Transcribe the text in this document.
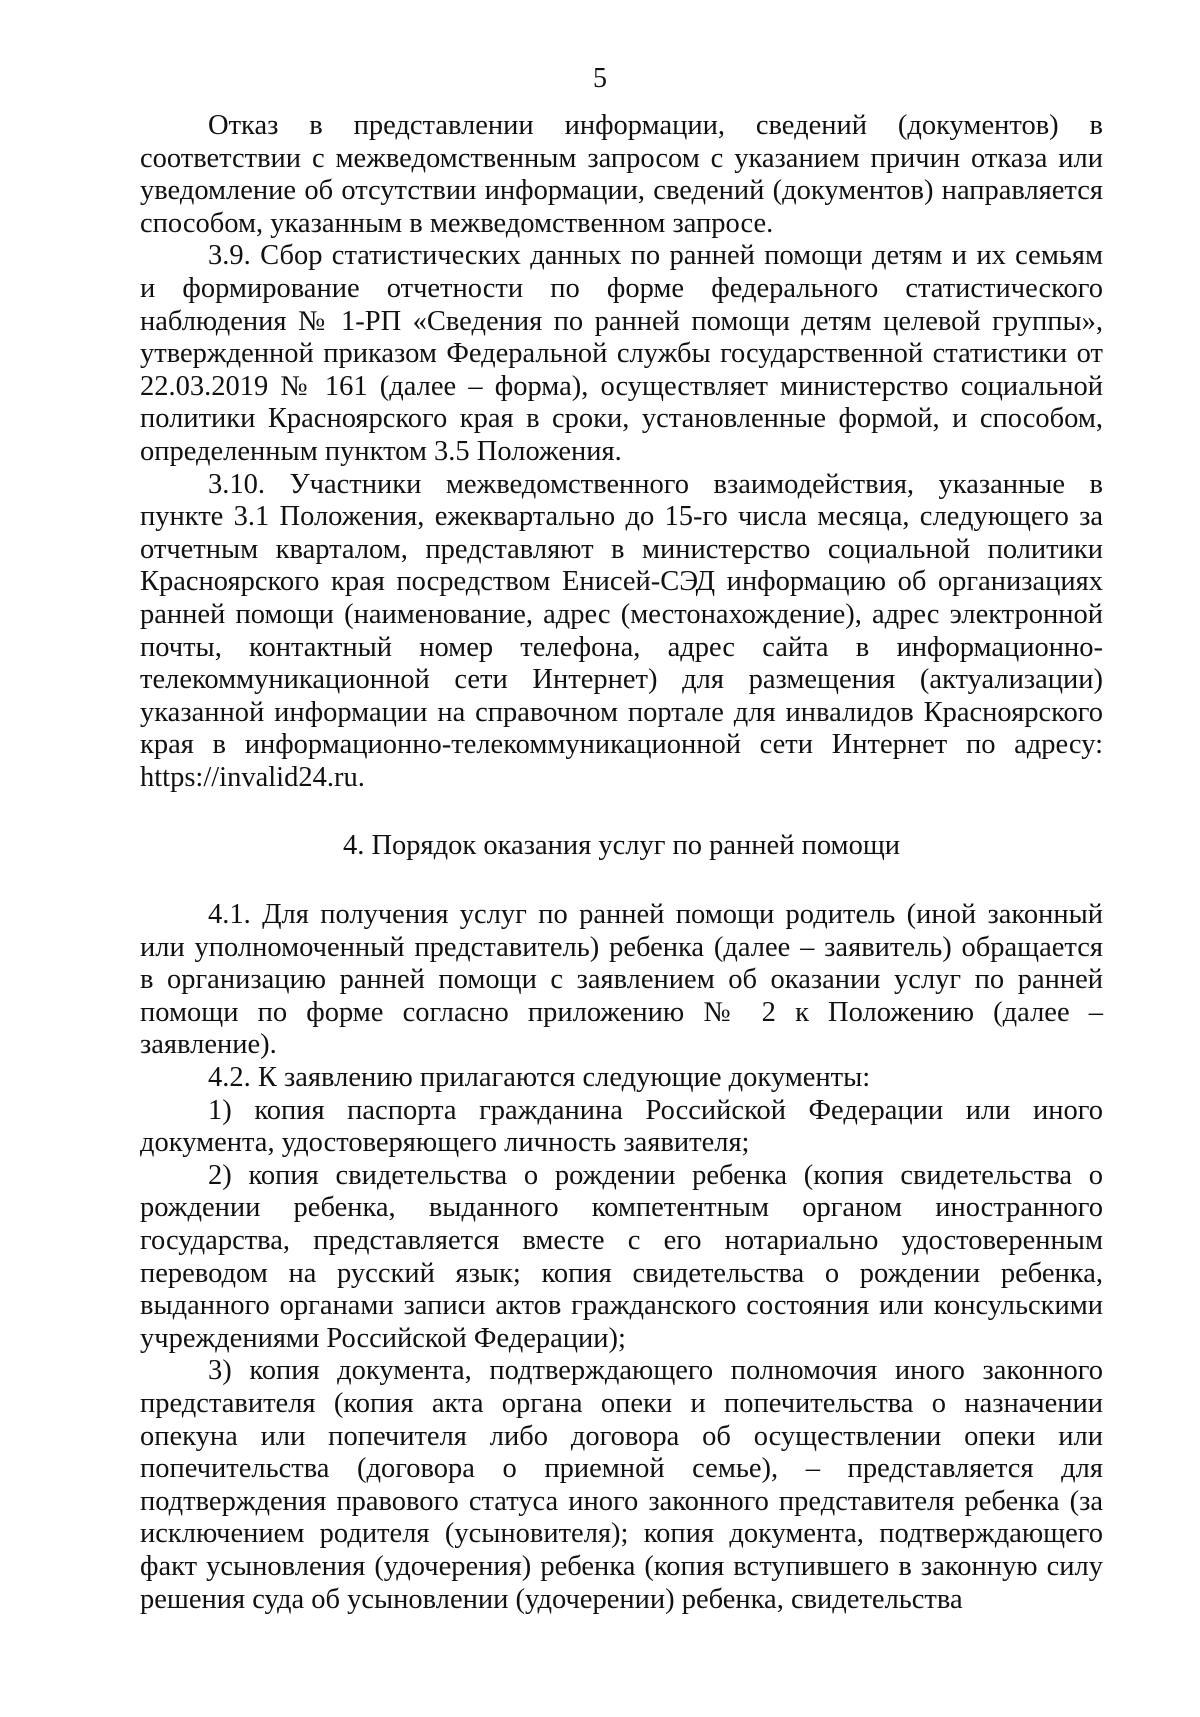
5

Отказ в представлении информации, сведений (документов) в соответствии с межведомственным запросом с указанием причин отказа или уведомление об отсутствии информации, сведений (документов) направляется способом, указанным в межведомственном запросе.

3.9. Сбор статистических данных по ранней помощи детям и их семьям и формирование отчетности по форме федерального статистического наблюдения № 1-РП «Сведения по ранней помощи детям целевой группы», утвержденной приказом Федеральной службы государственной статистики от 22.03.2019 № 161 (далее – форма), осуществляет министерство социальной политики Красноярского края в сроки, установленные формой, и способом, определенным пунктом 3.5 Положения.

3.10. Участники межведомственного взаимодействия, указанные в пункте 3.1 Положения, ежеквартально до 15-го числа месяца, следующего за отчетным кварталом, представляют в министерство социальной политики Красноярского края посредством Енисей-СЭД информацию об организациях ранней помощи (наименование, адрес (местонахождение), адрес электронной почты, контактный номер телефона, адрес сайта в информационно-телекоммуникационной сети Интернет) для размещения (актуализации) указанной информации на справочном портале для инвалидов Красноярского края в информационно-телекоммуникационной сети Интернет по адресу: https://invalid24.ru.

4. Порядок оказания услуг по ранней помощи

4.1. Для получения услуг по ранней помощи родитель (иной законный или уполномоченный представитель) ребенка (далее – заявитель) обращается в организацию ранней помощи с заявлением об оказании услуг по ранней помощи по форме согласно приложению № 2 к Положению (далее – заявление).

4.2. К заявлению прилагаются следующие документы:

1) копия паспорта гражданина Российской Федерации или иного документа, удостоверяющего личность заявителя;

2) копия свидетельства о рождении ребенка (копия свидетельства о рождении ребенка, выданного компетентным органом иностранного государства, представляется вместе с его нотариально удостоверенным переводом на русский язык; копия свидетельства о рождении ребенка, выданного органами записи актов гражданского состояния или консульскими учреждениями Российской Федерации);

3) копия документа, подтверждающего полномочия иного законного представителя (копия акта органа опеки и попечительства о назначении опекуна или попечителя либо договора об осуществлении опеки или попечительства (договора о приемной семье), – представляется для подтверждения правового статуса иного законного представителя ребенка (за исключением родителя (усыновителя); копия документа, подтверждающего факт усыновления (удочерения) ребенка (копия вступившего в законную силу решения суда об усыновлении (удочерении) ребенка, свидетельства
